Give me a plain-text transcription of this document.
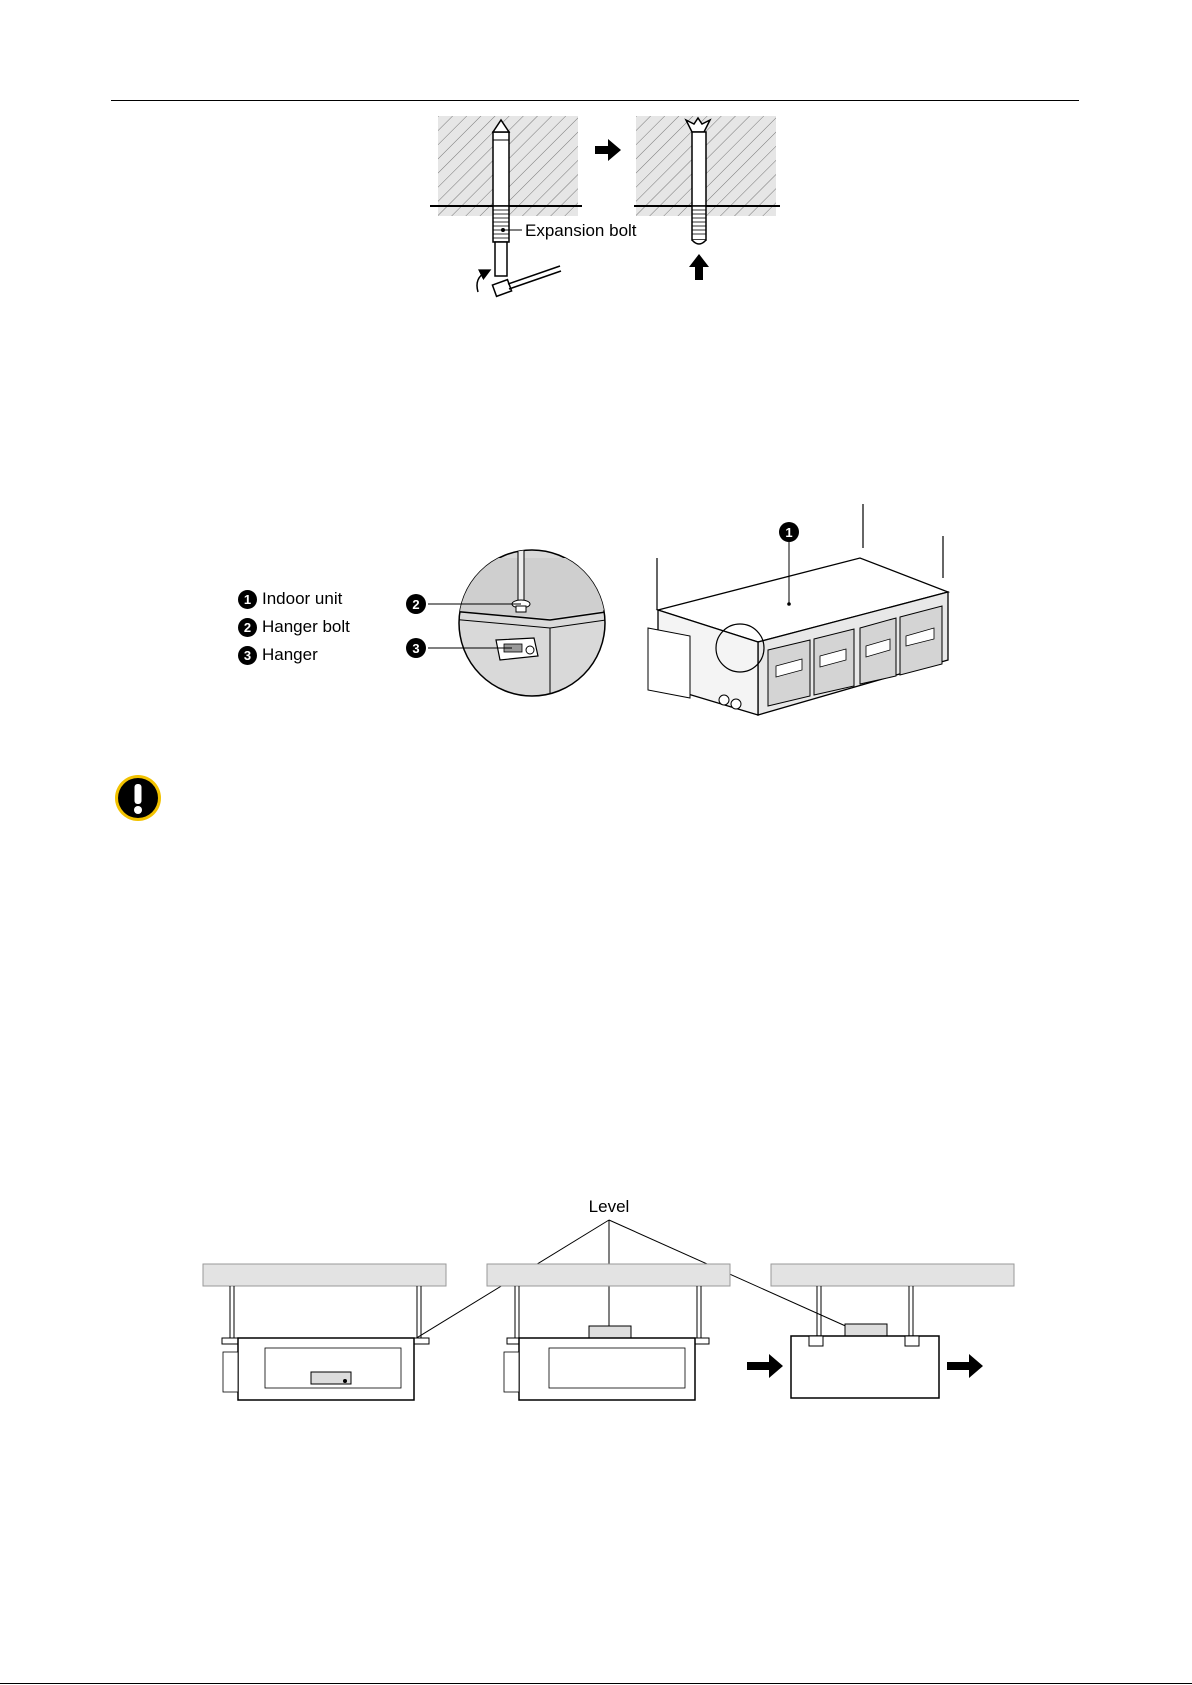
Expansion bolt
1 Indoor unit
2 Hanger bolt
3 Hanger
2
3
1
Level
